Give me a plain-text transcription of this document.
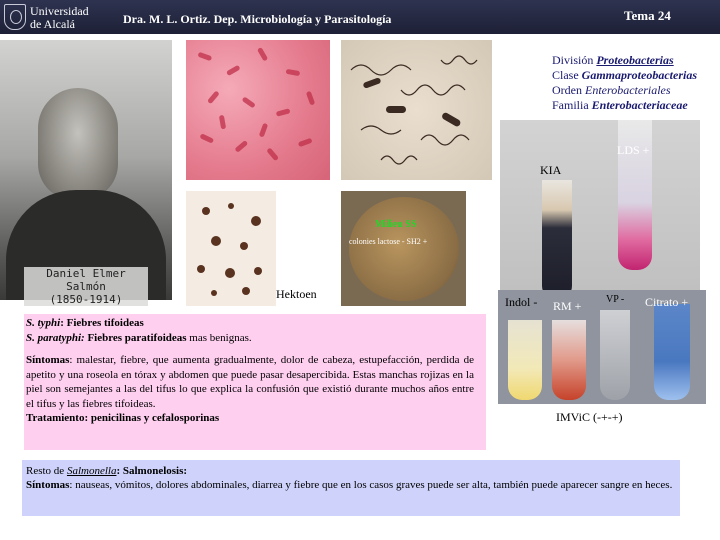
Universidad
de Alcalá	Dra. M. L. Ortiz. Dep. Microbiología y Parasitología	Tema 24
División Proteobacterias
Clase Gammaproteobacterias
Orden Enterobacteriales
Familia Enterobacteriaceae
Daniel Elmer Salmón
(1850-1914)	Hektoen
Milieu SS
colonies lactose - SH2 +
KIA
LDS +
Indol - RM + VP - Citrato +
IMViC (-+-+)
S. typhi: Fiebres tifoideas
S. paratyphi: Fiebres paratifoideas mas benignas.
Síntomas: malestar, fiebre, que aumenta gradualmente, dolor de cabeza, estupefacción, perdida de apetito y una roseola en tórax y abdomen que puede pasar desapercibida. Estas manchas rojizas en la piel son semejantes a las del tifus lo que explica la confusión que existió durante muchos años entre el tifus y las fiebres tifoideas.
Tratamiento: penicilinas y cefalosporinas
Resto de Salmonella: Salmonelosis:
Síntomas: nauseas, vómitos, dolores abdominales, diarrea y fiebre que en los casos graves puede ser alta, también puede aparecer sangre en heces.
